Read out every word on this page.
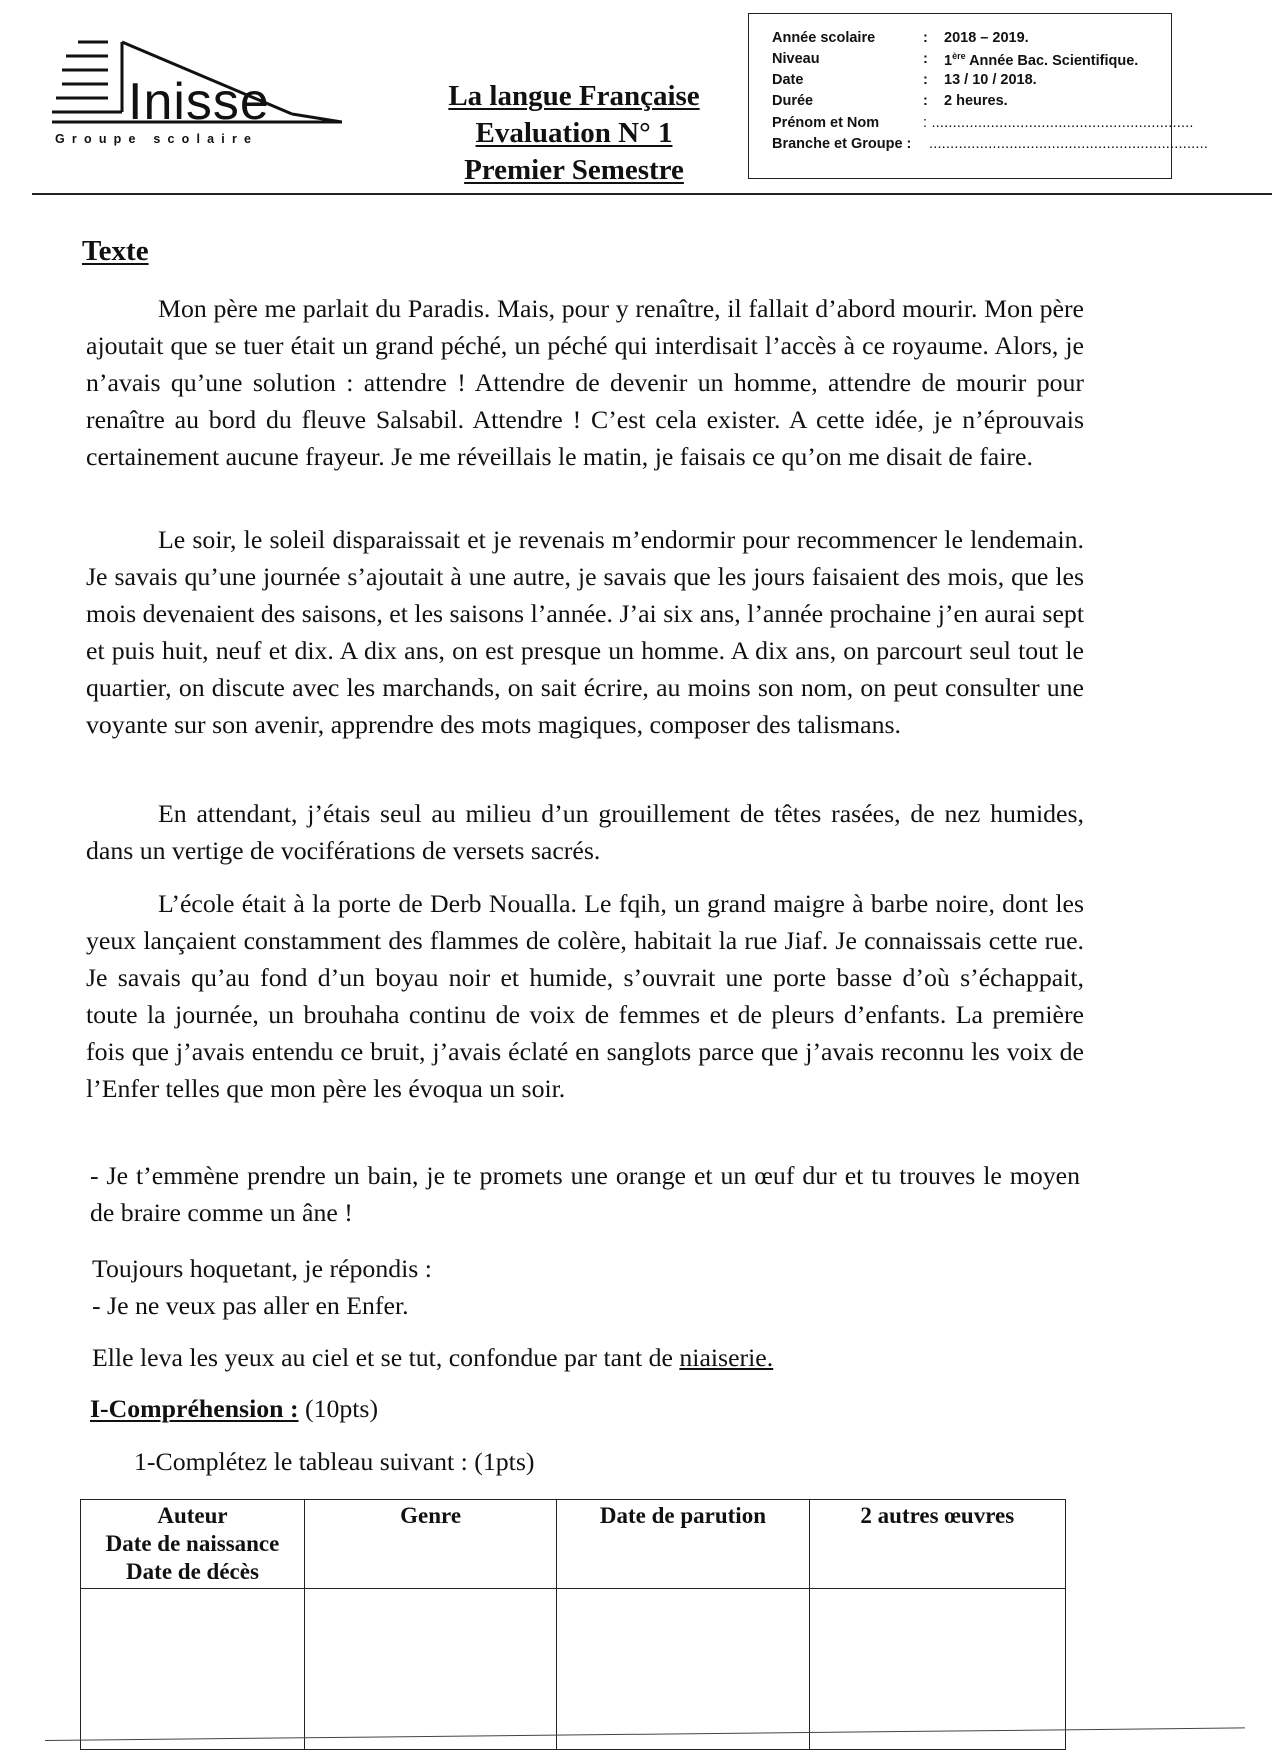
Inisse
Groupe scolaire
La langue Française
Evaluation N° 1
Premier Semestre
Année scolaire	: 2018 – 2019.
Niveau	: 1ère Année Bac. Scientifique.
Date	: 13 / 10 / 2018.
Durée	: 2 heures.
Prénom et Nom	: ..............................................................
Branche et Groupe :	..................................................................
Texte
Mon père me parlait du Paradis. Mais, pour y renaître, il fallait d’abord mourir. Mon père ajoutait que se tuer était un grand péché, un péché qui interdisait l’accès à ce royaume. Alors, je n’avais qu’une solution : attendre ! Attendre de devenir un homme, attendre de mourir pour renaître au bord du fleuve Salsabil. Attendre ! C’est cela exister. A cette idée, je n’éprouvais certainement aucune frayeur. Je me réveillais le matin, je faisais ce qu’on me disait de faire.
Le soir, le soleil disparaissait et je revenais m’endormir pour recommencer le lendemain. Je savais qu’une journée s’ajoutait à une autre, je savais que les jours faisaient des mois, que les mois devenaient des saisons, et les saisons l’année. J’ai six ans, l’année prochaine j’en aurai sept et puis huit, neuf et dix. A dix ans, on est presque un homme. A dix ans, on parcourt seul tout le quartier, on discute avec les marchands, on sait écrire, au moins son nom, on peut consulter une voyante sur son avenir, apprendre des mots magiques, composer des talismans.
En attendant, j’étais seul au milieu d’un grouillement de têtes rasées, de nez humides, dans un vertige de vociférations de versets sacrés.
L’école était à la porte de Derb Noualla. Le fqih, un grand maigre à barbe noire, dont les yeux lançaient constamment des flammes de colère, habitait la rue Jiaf. Je connaissais cette rue. Je savais qu’au fond d’un boyau noir et humide, s’ouvrait une porte basse d’où s’échappait, toute la journée, un brouhaha continu de voix de femmes et de pleurs d’enfants. La première fois que j’avais entendu ce bruit, j’avais éclaté en sanglots parce que j’avais reconnu les voix de l’Enfer telles que mon père les évoqua un soir.
- Je t’emmène prendre un bain, je te promets une orange et un œuf dur et tu trouves le moyen de braire comme un âne !
Toujours hoquetant, je répondis :
- Je ne veux pas aller en Enfer.
Elle leva les yeux au ciel et se tut, confondue par tant de niaiserie.
I-Compréhension : (10pts)
1-Complétez le tableau suivant : (1pts)
Auteur
Date de naissance
Date de décès	Genre	Date de parution	2 autres œuvres
